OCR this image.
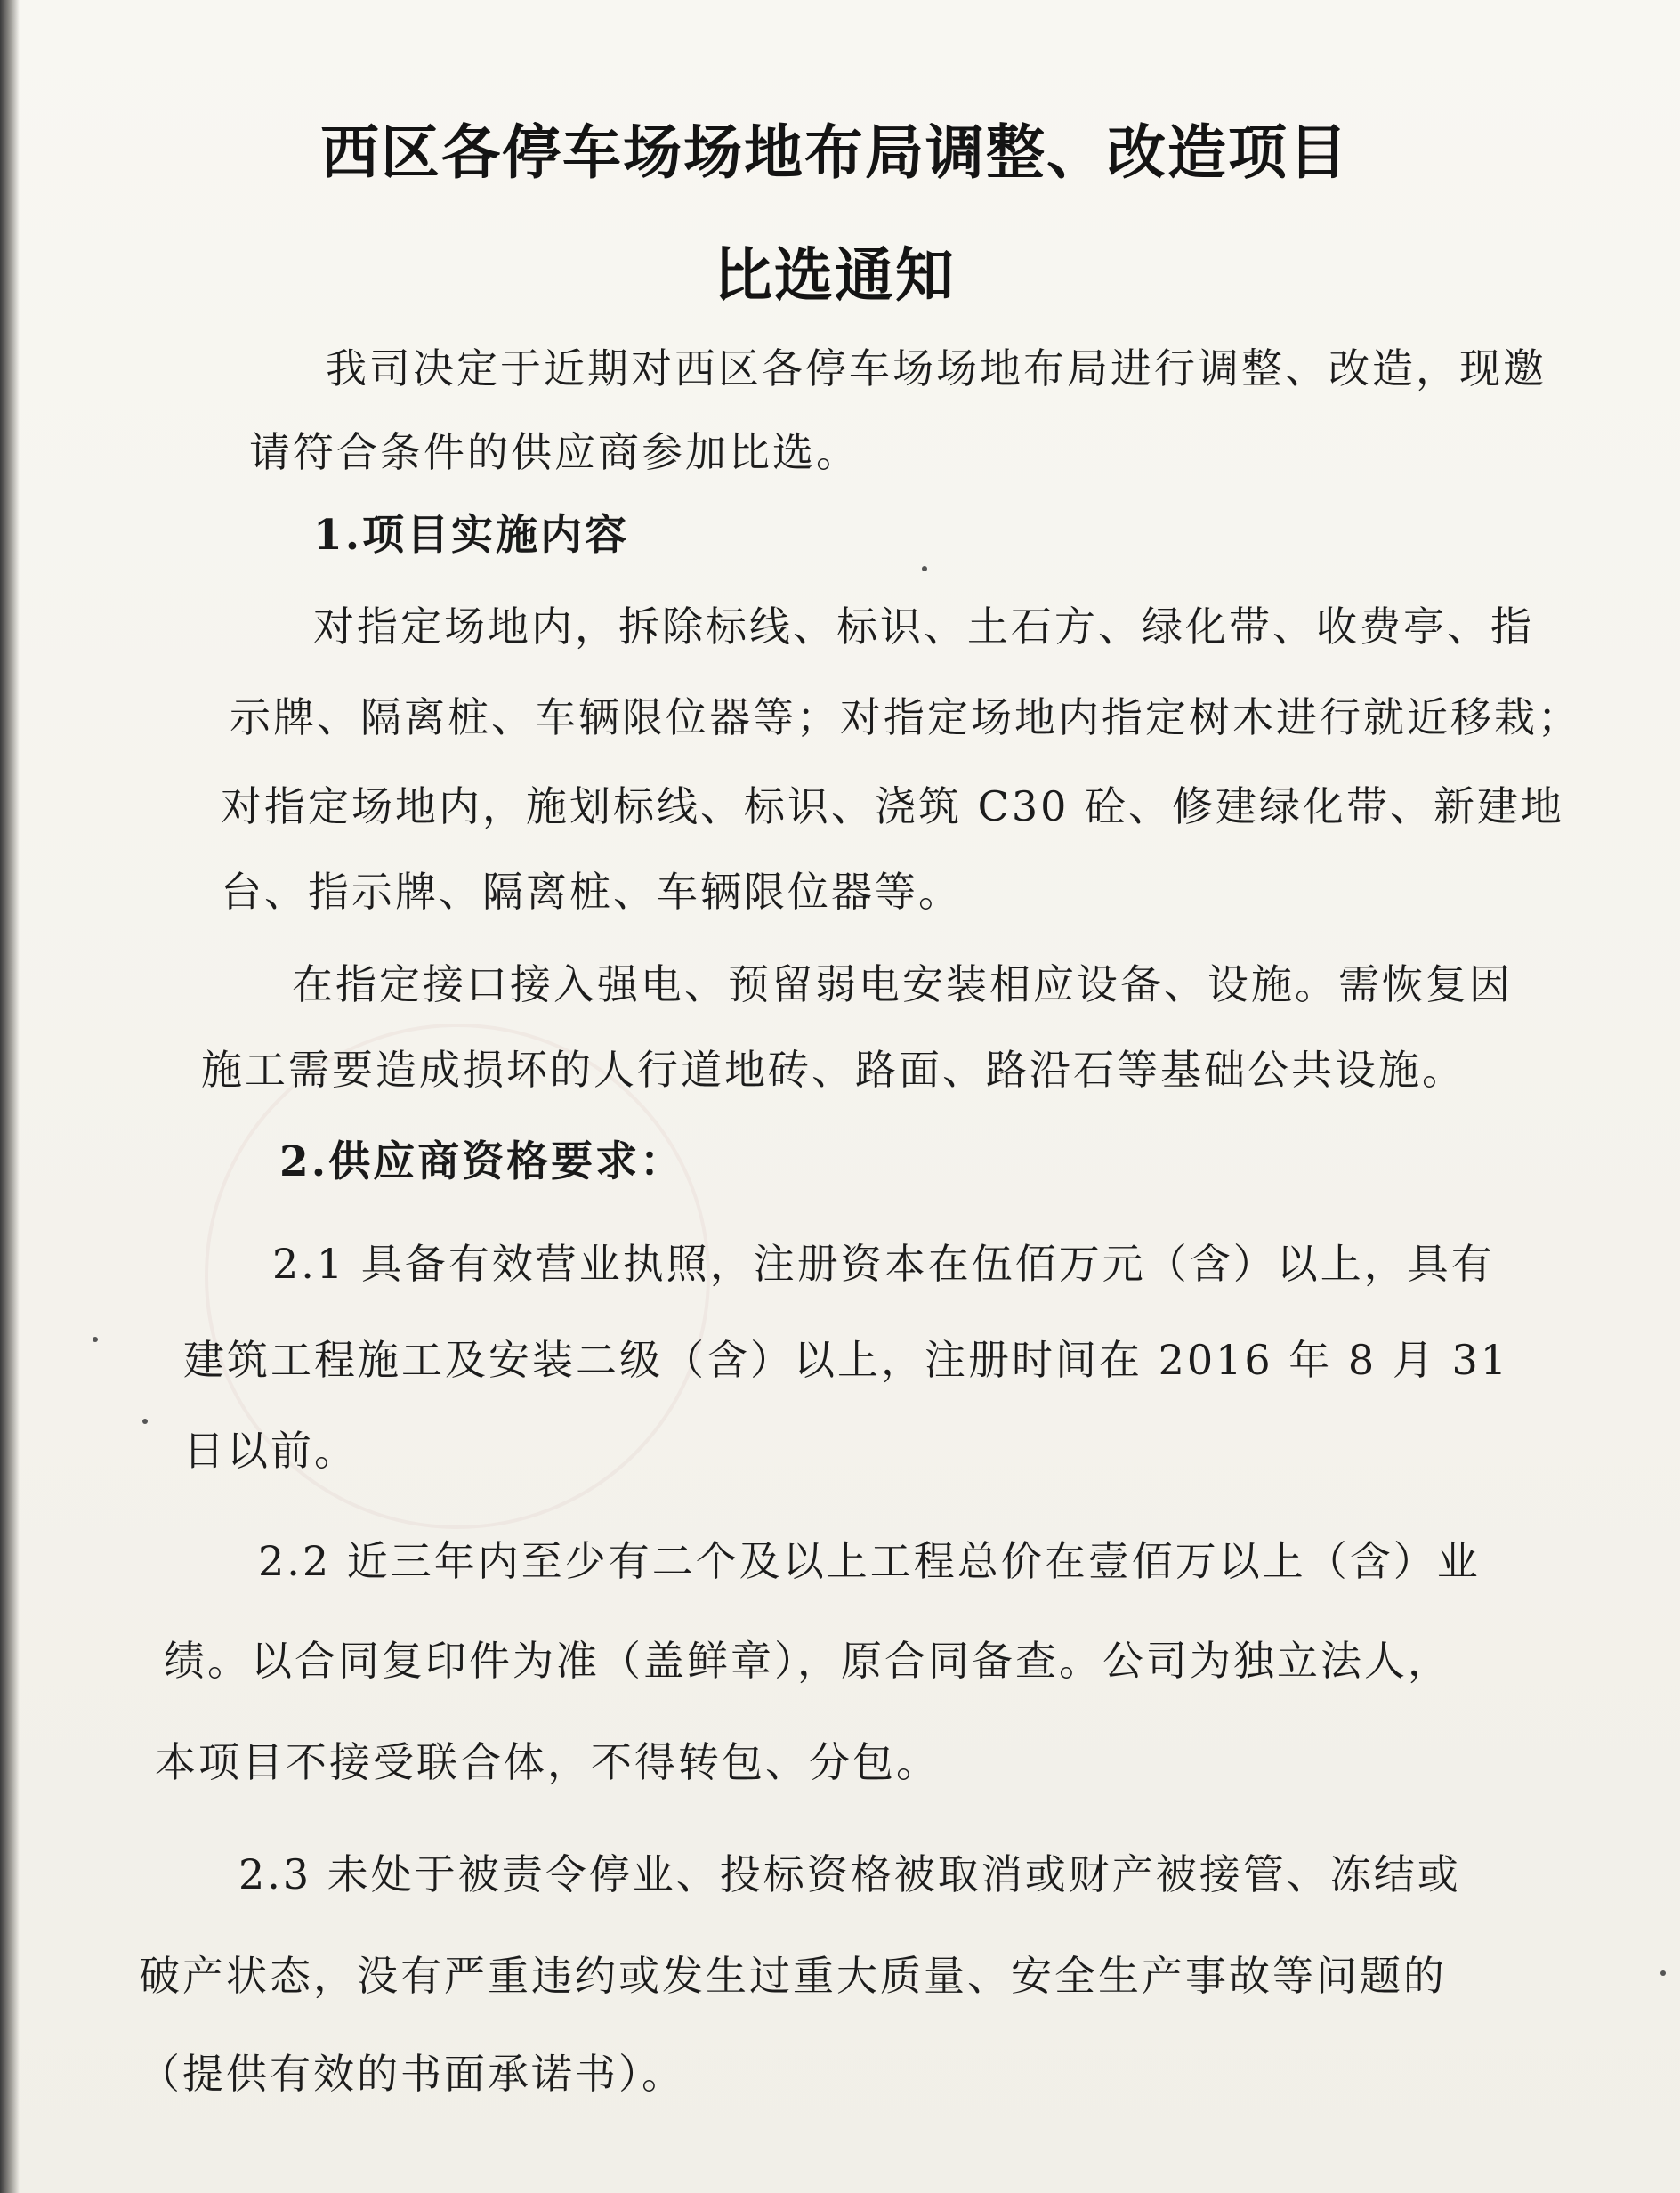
西区各停车场场地布局调整、改造项目
比选通知
我司决定于近期对西区各停车场场地布局进行调整、改造，现邀
请符合条件的供应商参加比选。
1.项目实施内容
对指定场地内，拆除标线、标识、土石方、绿化带、收费亭、指
示牌、隔离桩、车辆限位器等；对指定场地内指定树木进行就近移栽；
对指定场地内，施划标线、标识、浇筑 C30 砼、修建绿化带、新建地
台、指示牌、隔离桩、车辆限位器等。
在指定接口接入强电、预留弱电安装相应设备、设施。需恢复因
施工需要造成损坏的人行道地砖、路面、路沿石等基础公共设施。
2.供应商资格要求：
2.1 具备有效营业执照，注册资本在伍佰万元（含）以上，具有
建筑工程施工及安装二级（含）以上，注册时间在 2016 年 8 月 31
日以前。
2.2 近三年内至少有二个及以上工程总价在壹佰万以上（含）业
绩。以合同复印件为准（盖鲜章），原合同备查。公司为独立法人，
本项目不接受联合体，不得转包、分包。
2.3 未处于被责令停业、投标资格被取消或财产被接管、冻结或
破产状态，没有严重违约或发生过重大质量、安全生产事故等问题的
（提供有效的书面承诺书）。
